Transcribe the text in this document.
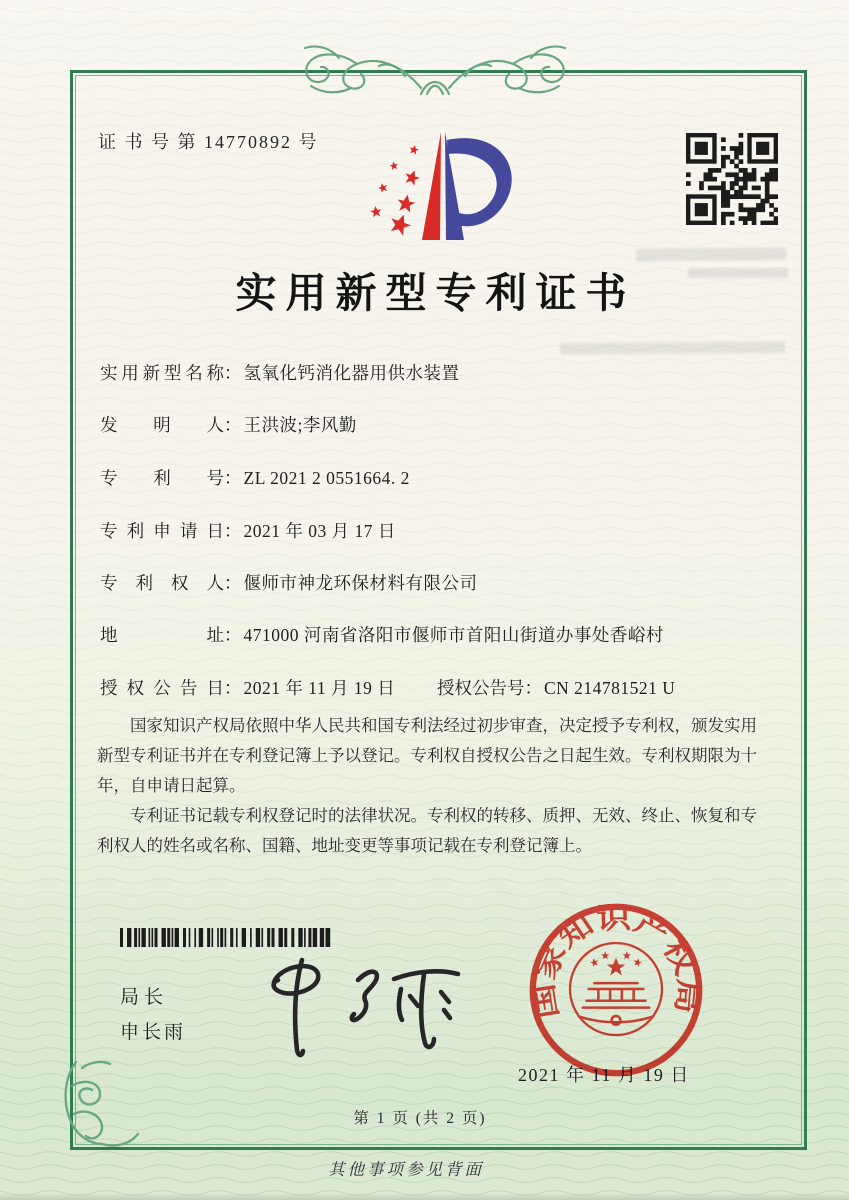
证 书 号 第 14770892 号
实用新型专利证书
实用新型名称： 氢氧化钙消化器用供水装置
发明人： 王洪波;李风勤
专利号： ZL 2021 2 0551664. 2
专利申请日： 2021 年 03 月 17 日
专利权人： 偃师市神龙环保材料有限公司
地址： 471000 河南省洛阳市偃师市首阳山街道办事处香峪村
授权公告日： 2021 年 11 月 19 日 授权公告号： CN 214781521 U

国家知识产权局依照中华人民共和国专利法经过初步审查，决定授予专利权，颁发实用新型专利证书并在专利登记簿上予以登记。专利权自授权公告之日起生效。专利权期限为十年，自申请日起算。

专利证书记载专利权登记时的法律状况。专利权的转移、质押、无效、终止、恢复和专利权人的姓名或名称、国籍、地址变更等事项记载在专利登记簿上。

局长
申长雨
2021 年 11 月 19 日
第 1 页 (共 2 页)
其他事项参见背面
国家知识产权局
